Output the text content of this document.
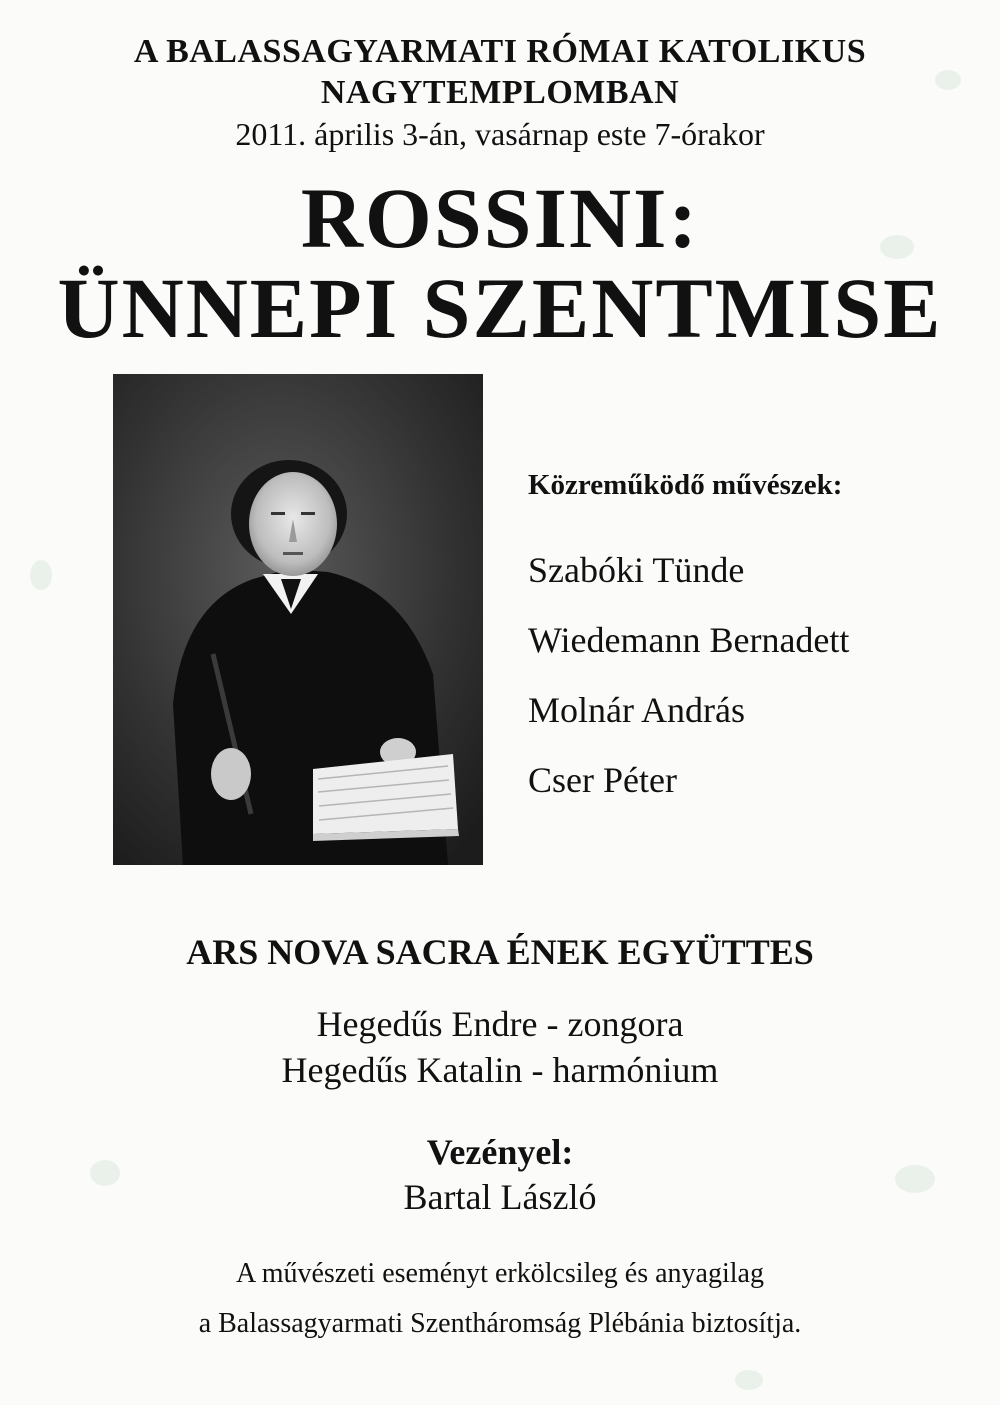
A BALASSAGYARMATI RÓMAI KATOLIKUS

NAGYTEMPLOMBAN

2011. április 3-án, vasárnap este 7-órakor

ROSSINI:
ÜNNEPI SZENTMISE

Közreműködő művészek:

Szabóki Tünde

Wiedemann Bernadett

Molnár András

Cser Péter

ARS NOVA SACRA ÉNEK EGYÜTTES

Hegedűs Endre - zongora

Hegedűs Katalin - harmónium

Vezényel:

Bartal László

A művészeti eseményt erkölcsileg és anyagilag

a Balassagyarmati Szentháromság Plébánia biztosítja.
